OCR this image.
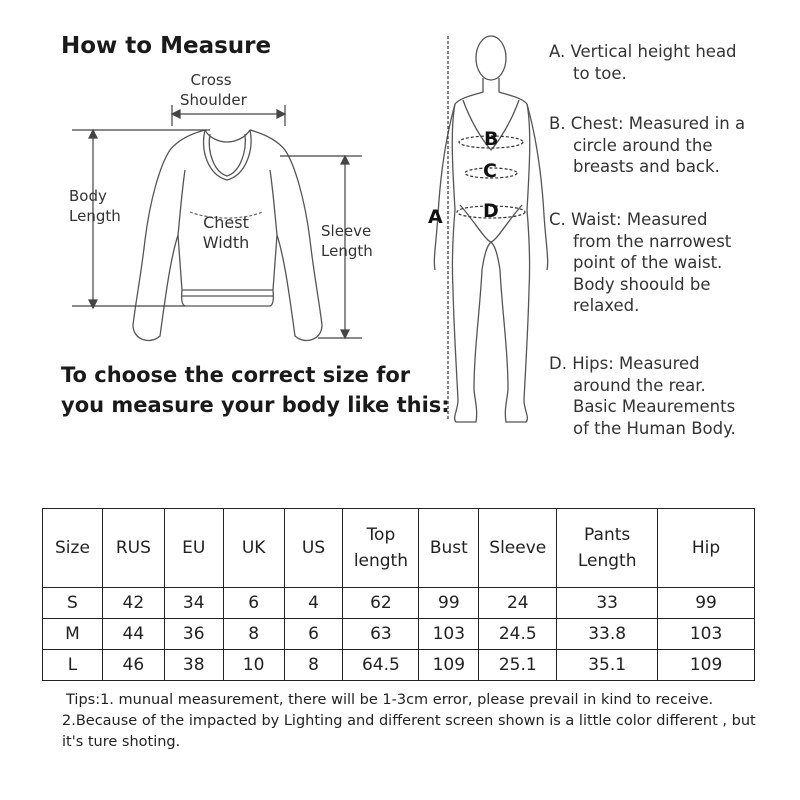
How to Measure
Cross
Shoulder
Body
Length	Chest
Width
Sleeve
Length
A
B
C
D
To choose the correct size for
you measure your body like this:
A. Vertical height head
to toe.
B. Chest: Measured in a
circle around the
breasts and back.
C. Waist: Measured
from the narrowest
point of the waist.
Body shoould be
relaxed.
D. Hips: Measured
around the rear.
Basic Meaurements
of the Human Body.
Size	RUS	EU	UK	US	Top length	Bust	Sleeve	Pants Length	Hip
S	42	34	6	4	62	99	24	33	99
M	44	36	8	6	63	103	24.5	33.8	103
L	46	38	10	8	64.5	109	25.1	35.1	109
Tips:1. munual measurement, there will be 1-3cm error, please prevail in kind to receive.
2.Because of the impacted by Lighting and different screen shown is a little color different , but
it's ture shoting.
